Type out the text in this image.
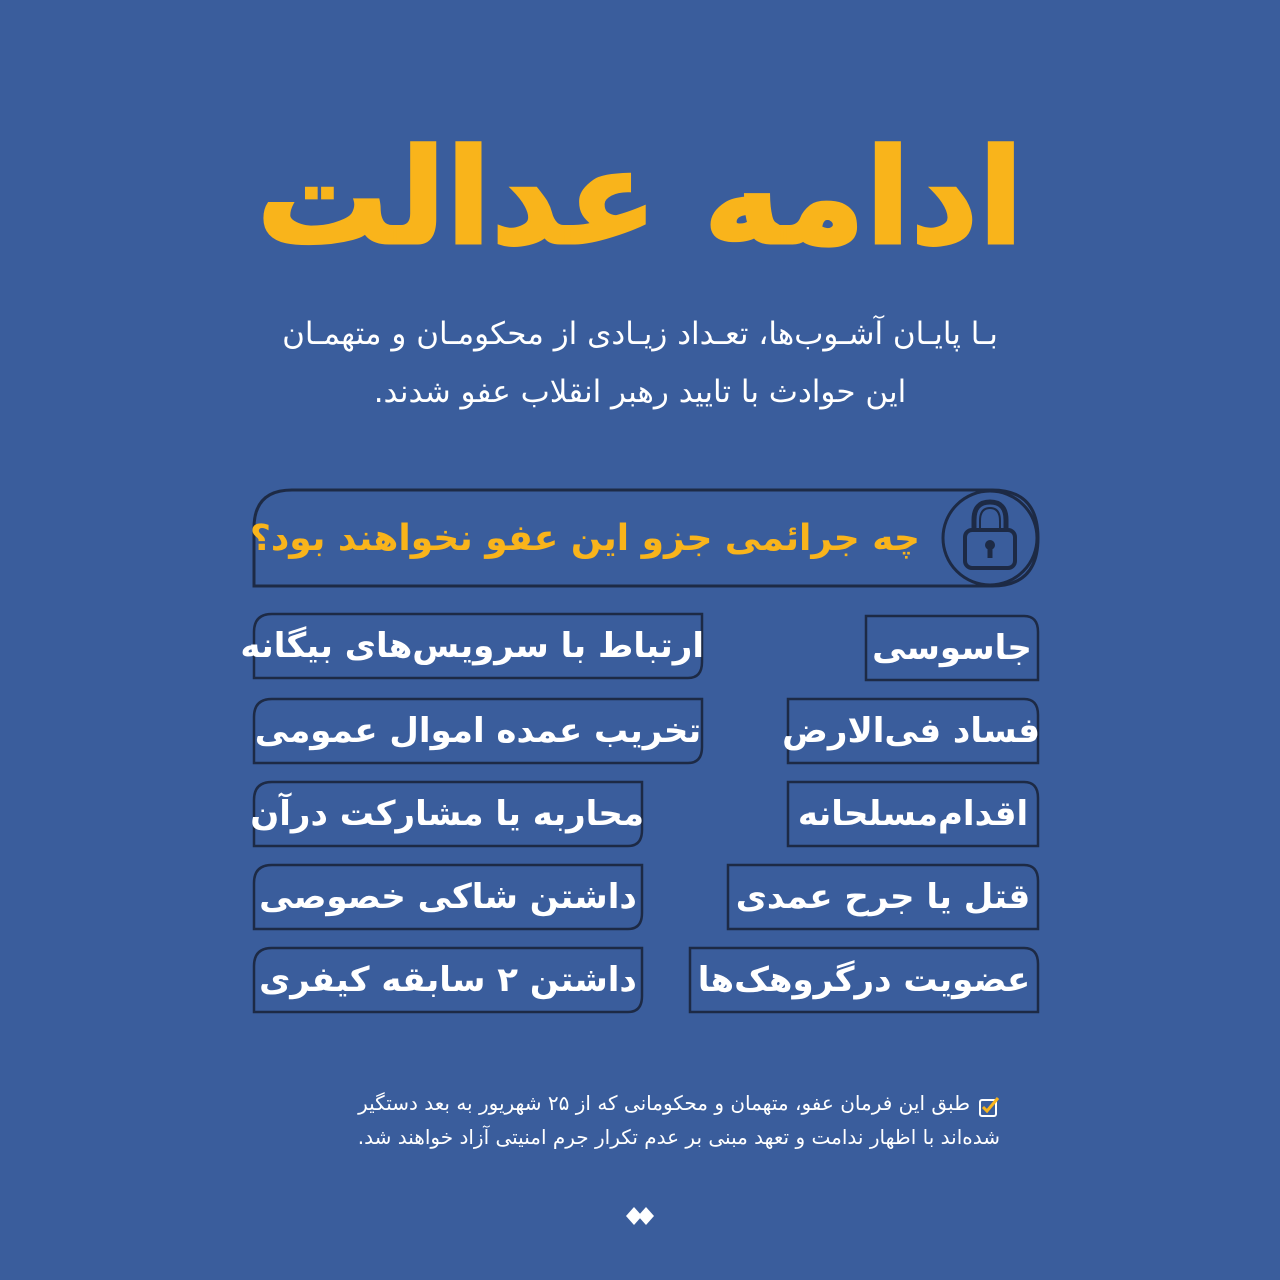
ادامه عدالت
بـا پایـان آشـوب‌ها، تعـداد زیـادی از محکومـان و متهمـان
این حوادث با تایید رهبر انقلاب عفو شدند.
چه جرائمی جزو این عفو نخواهند بود؟
جاسوسی
فساد فی‌الارض
اقدام‌مسلحانه
قتل یا جرح عمدی
عضویت درگروهک‌ها
ارتباط با سرویس‌های بیگانه
تخریب عمده اموال عمومی
محاربه یا مشارکت درآن
داشتن شاکی خصوصی
داشتن ۲ سابقه کیفری
طبق این فرمان عفو، متهمان و محکومانی که از ۲۵ شهریور به بعد دستگیر
شده‌اند با اظهار ندامت و تعهد مبنی بر عدم تکرار جرم امنیتی آزاد خواهند شد.
